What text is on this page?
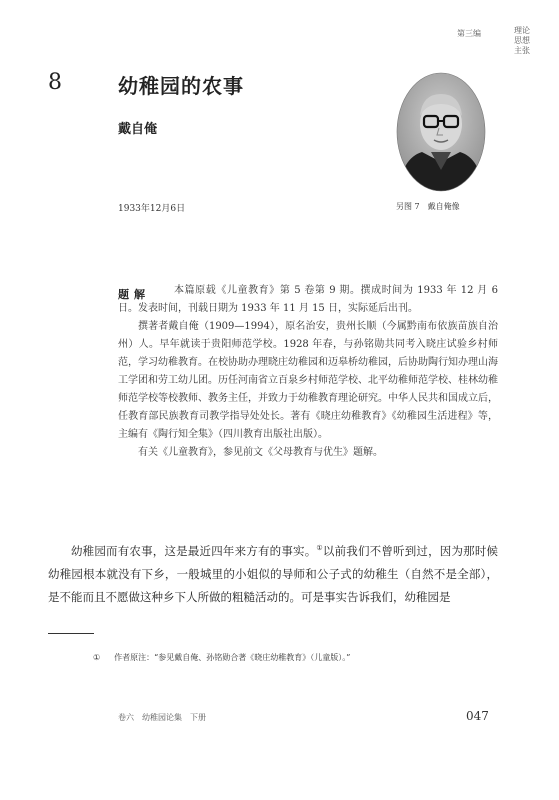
第三编	理论
思想
主张
8	幼稚园的农事
戴自俺
另图 7　戴自俺像
1933年12月6日
题解	本篇原载《儿童教育》第 5 卷第 9 期。撰成时间为 1933 年 12 月 6 日。发表时间，刊载日期为 1933 年 11 月 15 日，实际延后出刊。

撰著者戴自俺（1909—1994），原名治安，贵州长顺（今属黔南布依族苗族自治州）人。早年就读于贵阳师范学校。1928 年春，与孙铭勋共同考入晓庄试验乡村师范，学习幼稚教育。在校协助办理晓庄幼稚园和迈皋桥幼稚园，后协助陶行知办理山海工学团和劳工幼儿团。历任河南省立百泉乡村师范学校、北平幼稚师范学校、桂林幼稚师范学校等校教师、教务主任，并致力于幼稚教育理论研究。中华人民共和国成立后，任教育部民族教育司教学指导处处长。著有《晓庄幼稚教育》《幼稚园生活进程》等，主编有《陶行知全集》（四川教育出版社出版）。

有关《儿童教育》，参见前文《父母教育与优生》题解。

幼稚园而有农事，这是最近四年来方有的事实。①以前我们不曾听到过，因为那时候幼稚园根本就没有下乡，一般城里的小姐似的导师和公子式的幼稚生（自然不是全部），是不能而且不愿做这种乡下人所做的粗糙活动的。可是事实告诉我们，幼稚园是

① 作者原注：“参见戴自俺、孙铭勋合著《晓庄幼稚教育》（儿童版）。”
卷六  幼稚园论集　下册	047
